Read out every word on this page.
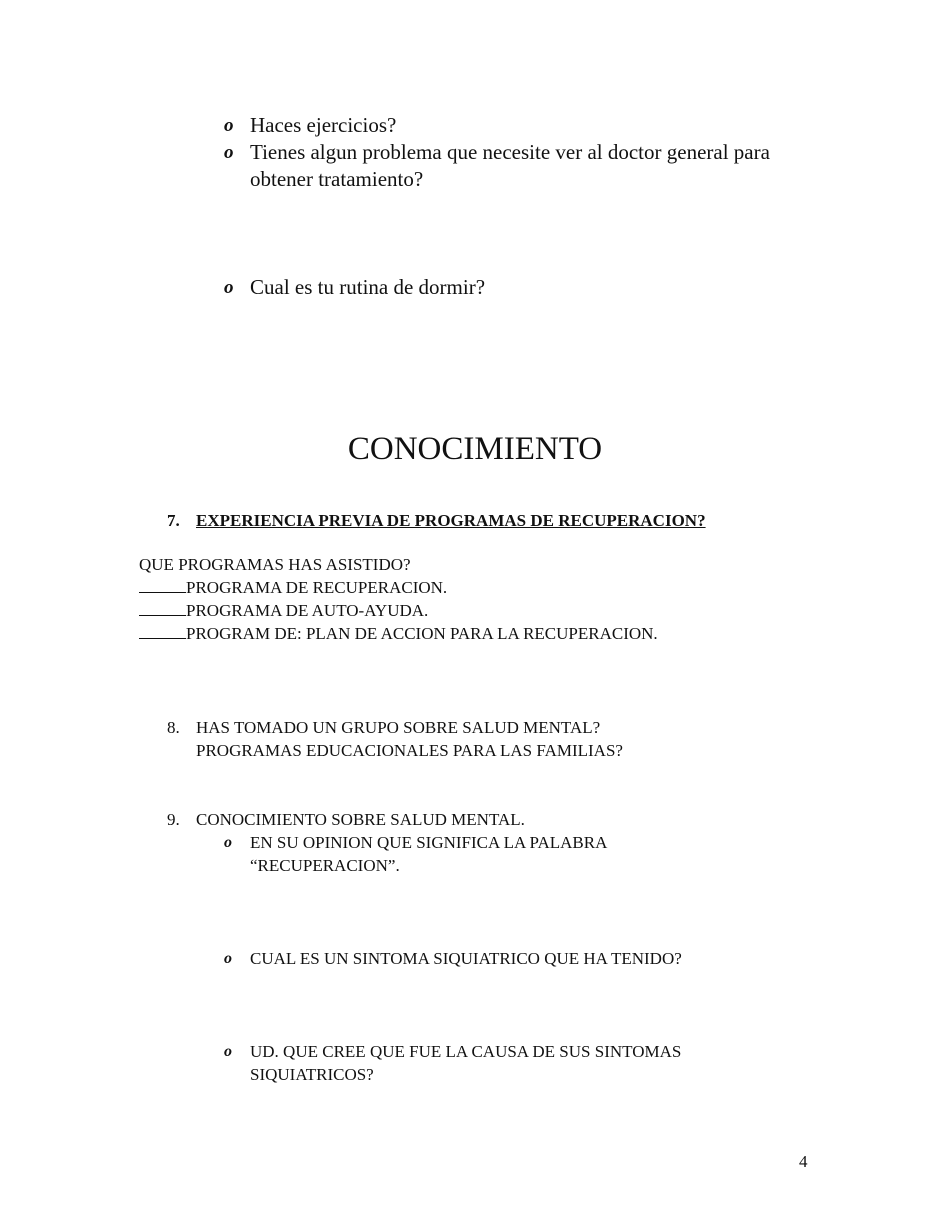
o Haces ejercicios?
o Tienes algun problema que necesite ver al doctor general para obtener tratamiento?
o Cual es tu rutina de dormir?
CONOCIMIENTO
7. EXPERIENCIA PREVIA DE PROGRAMAS DE RECUPERACION?
QUE PROGRAMAS HAS ASISTIDO?
PROGRAMA DE RECUPERACION.
PROGRAMA DE AUTO-AYUDA.
PROGRAM DE: PLAN DE ACCION PARA LA RECUPERACION.
8. HAS TOMADO UN GRUPO SOBRE SALUD MENTAL?
PROGRAMAS EDUCACIONALES PARA LAS FAMILIAS?
9. CONOCIMIENTO SOBRE SALUD MENTAL.
o	EN SU OPINION QUE SIGNIFICA LA PALABRA “RECUPERACION”.
o	CUAL ES UN SINTOMA SIQUIATRICO QUE HA TENIDO?
o	UD. QUE CREE QUE FUE LA CAUSA DE SUS SINTOMAS SIQUIATRICOS?
4
